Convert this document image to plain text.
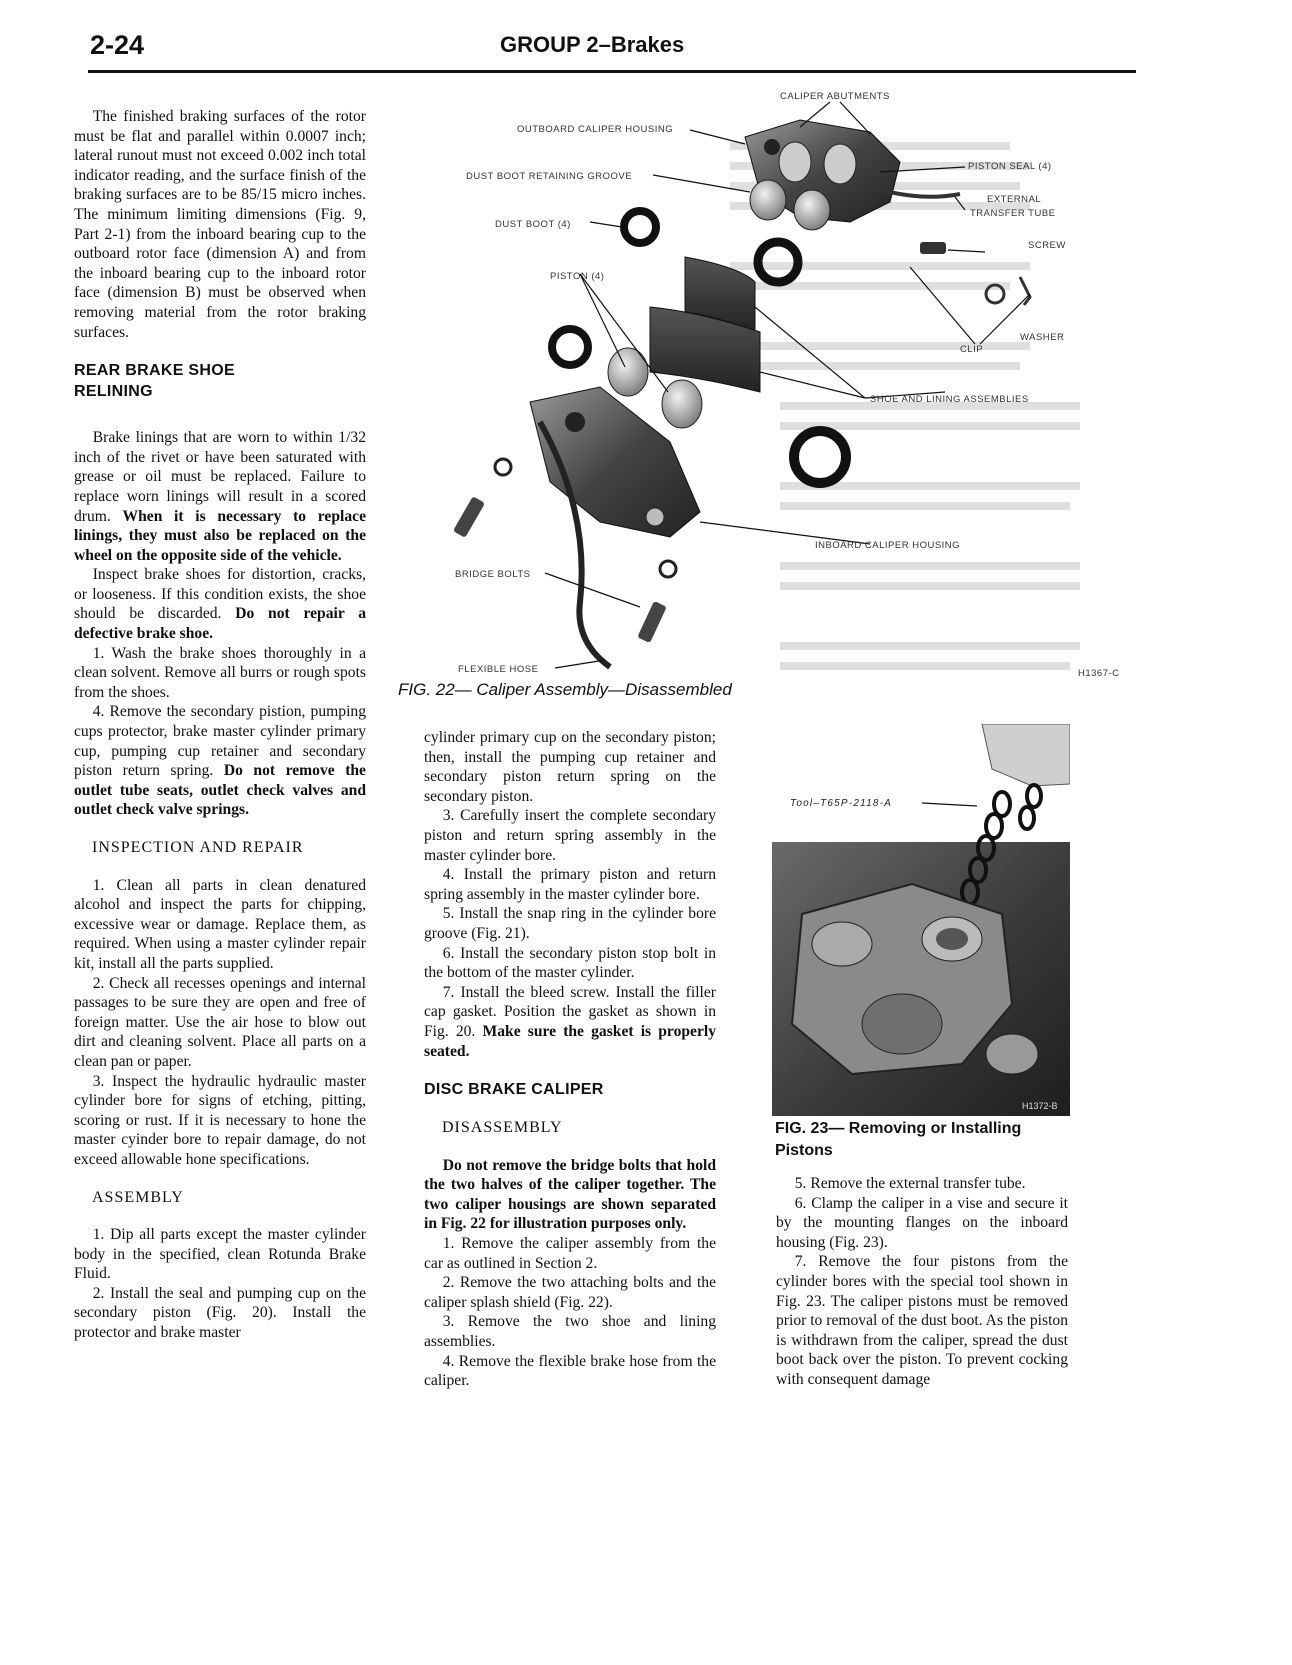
2-24	GROUP 2–Brakes

The finished braking surfaces of the rotor must be flat and parallel within 0.0007 inch; lateral runout must not exceed 0.002 inch total indicator reading, and the surface finish of the braking surfaces are to be 85/15 micro inches. The minimum limiting dimensions (Fig. 9, Part 2-1) from the inboard bearing cup to the outboard rotor face (dimension A) and from the inboard bearing cup to the inboard rotor face (dimension B) must be observed when removing material from the rotor braking surfaces.

REAR BRAKE SHOE
RELINING

Brake linings that are worn to within 1/32 inch of the rivet or have been saturated with grease or oil must be replaced. Failure to replace worn linings will result in a scored drum. When it is necessary to replace linings, they must also be replaced on the wheel on the opposite side of the vehicle.

Inspect brake shoes for distortion, cracks, or looseness. If this condition exists, the shoe should be discarded. Do not repair a defective brake shoe.

1. Wash the brake shoes thoroughly in a clean solvent. Remove all burrs or rough spots from the shoes.

4. Remove the secondary pistion, pumping cups protector, brake master cylinder primary cup, pumping cup retainer and secondary piston return spring. Do not remove the outlet tube seats, outlet check valves and outlet check valve springs.

INSPECTION AND REPAIR

1. Clean all parts in clean denatured alcohol and inspect the parts for chipping, excessive wear or damage. Replace them, as required. When using a master cylinder repair kit, install all the parts supplied.

2. Check all recesses openings and internal passages to be sure they are open and free of foreign matter. Use the air hose to blow out dirt and cleaning solvent. Place all parts on a clean pan or paper.

3. Inspect the hydraulic hydraulic master cylinder bore for signs of etching, pitting, scoring or rust. If it is necessary to hone the master cyinder bore to repair damage, do not exceed allowable hone specifications.

ASSEMBLY

1. Dip all parts except the master cylinder body in the specified, clean Rotunda Brake Fluid.

2. Install the seal and pumping cup on the secondary piston (Fig. 20). Install the protector and brake master

CALIPER ABUTMENTS
OUTBOARD CALIPER HOUSING
DUST BOOT RETAINING GROOVE
DUST BOOT (4)
PISTON (4)
PISTON SEAL (4)
EXTERNAL
TRANSFER TUBE
SCREW
WASHER
CLIP
SHOE AND LINING ASSEMBLIES
INBOARD CALIPER HOUSING
BRIDGE BOLTS
FLEXIBLE HOSE	H1367-C
FIG. 22— Caliper Assembly—Disassembled

cylinder primary cup on the secondary piston; then, install the pumping cup retainer and secondary piston return spring on the secondary piston.

3. Carefully insert the complete secondary piston and return spring assembly in the master cylinder bore.

4. Install the primary piston and return spring assembly in the master cylinder bore.

5. Install the snap ring in the cylinder bore groove (Fig. 21).

6. Install the secondary piston stop bolt in the bottom of the master cylinder.

7. Install the bleed screw. Install the filler cap gasket. Position the gasket as shown in Fig. 20. Make sure the gasket is properly seated.

DISC BRAKE CALIPER
DISASSEMBLY

Do not remove the bridge bolts that hold the two halves of the caliper together. The two caliper housings are shown separated in Fig. 22 for illustration purposes only.

1. Remove the caliper assembly from the car as outlined in Section 2.

2. Remove the two attaching bolts and the caliper splash shield (Fig. 22).

3. Remove the two shoe and lining assemblies.

4. Remove the flexible brake hose from the caliper.

Tool–T65P-2118-A
H1372-B
FIG. 23— Removing or Installing
Pistons

5. Remove the external transfer tube.

6. Clamp the caliper in a vise and secure it by the mounting flanges on the inboard housing (Fig. 23).

7. Remove the four pistons from the cylinder bores with the special tool shown in Fig. 23. The caliper pistons must be removed prior to removal of the dust boot. As the piston is withdrawn from the caliper, spread the dust boot back over the piston. To prevent cocking with consequent damage
